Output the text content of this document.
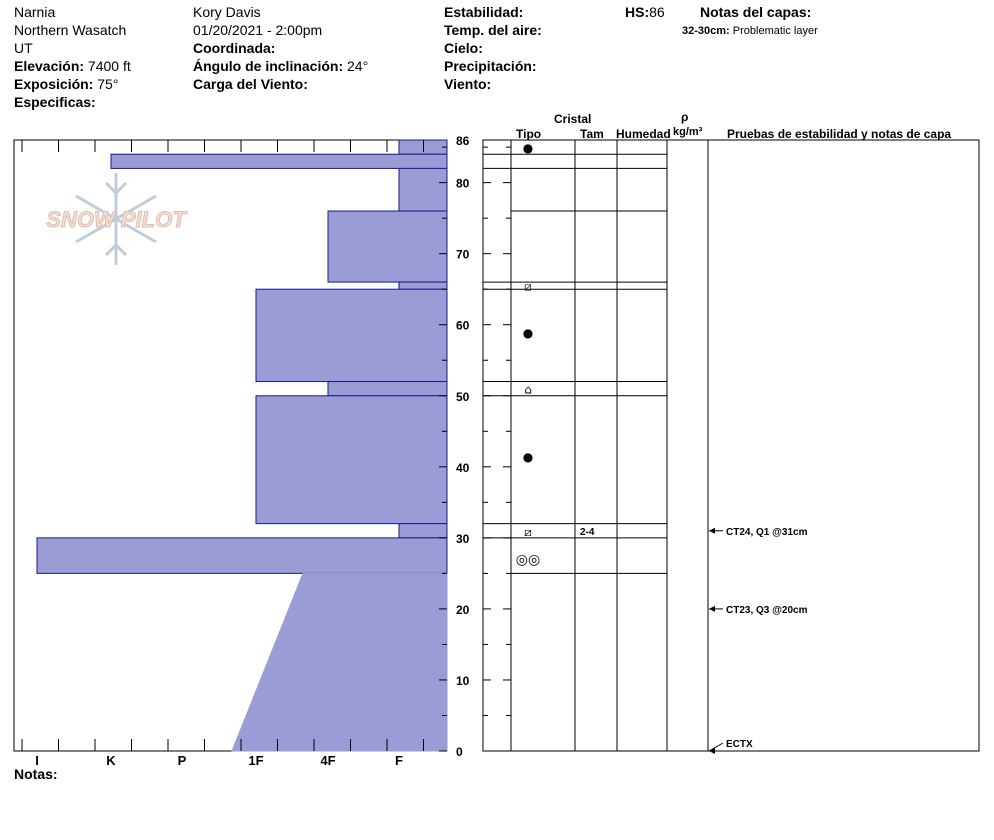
Narnia
Northern Wasatch
UT
Elevación: 7400 ft
Exposición: 75°
Especificas:
Kory Davis
01/20/2021 - 2:00pm
Coordinada:
Ángulo de inclinación: 24°
Carga del Viento:
Estabilidad:
Temp. del aire:
Cielo:
Precipitación:
Viento:
HS:86	Notas del capas:
32-30cm: Problematic layer
Notas:
Cristal
Tipo	Tam Humedad
ρ
kg/m³ Pruebas de estabilidad y notas de capa
SNOW PILOT
I	K	P	1F	4F	F
86
80
70
60
50
40
30
20
10
0
●
⧄
●
⌂
●
⧄	2-4
◎◎
CT24, Q1 @31cm
CT23, Q3 @20cm
ECTX
